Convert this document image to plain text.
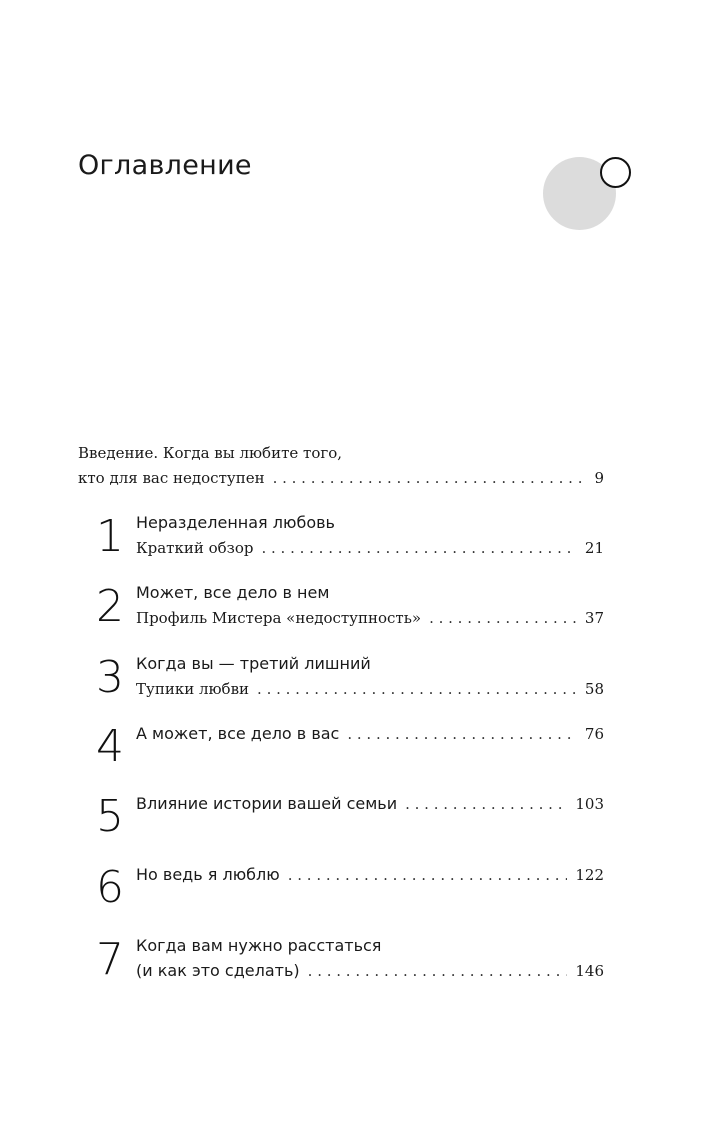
Оглавление
Введение. Когда вы любите того,
кто для вас недоступен . . .	9
1 Неразделенная любовь
Краткий обзор . . .	21
2 Может, все дело в нем
Профиль Мистера «недоступность» . . .	37
3 Когда вы — третий лишний
Тупики любви . . .	58
4 А может, все дело в вас . . .	76
5 Влияние истории вашей семьи . . .	103
6 Но ведь я люблю . . .	122
7 Когда вам нужно расстаться
(и как это сделать) . . .	146
